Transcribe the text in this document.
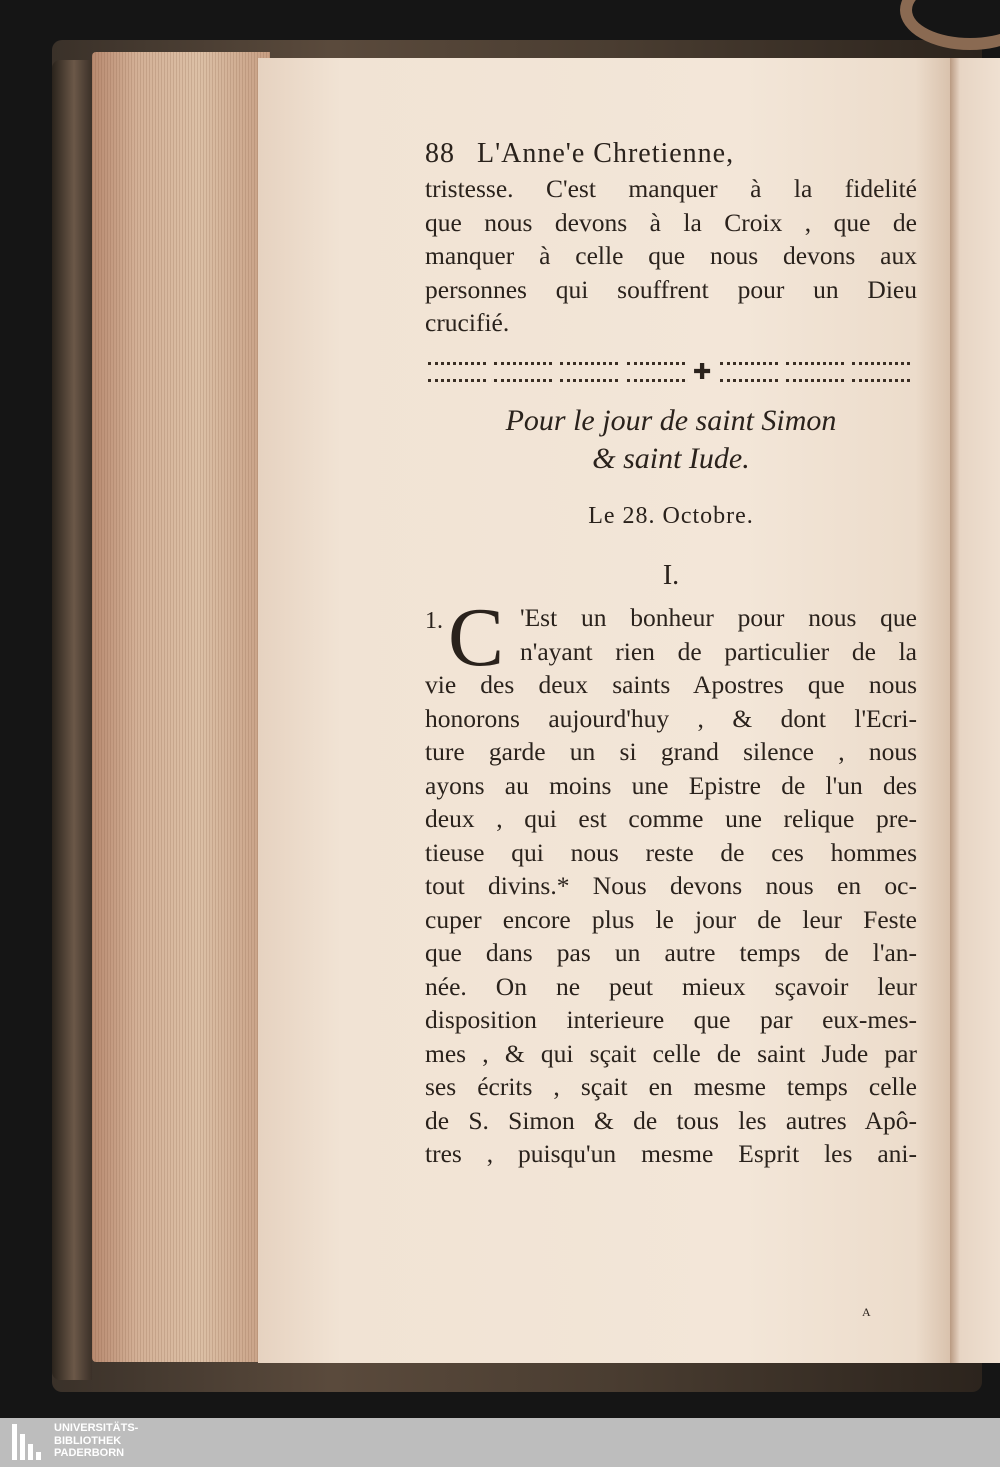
88 L'Anne'e Chretienne,
tristesse. C'est manquer à la fidelité
que nous devons à la Croix , que de
manquer à celle que nous devons aux
personnes qui souffrent pour un Dieu
crucifié.
✚
Pour le jour de saint Simon
& saint Iude.
Le 28. Octobre.
I.
1. C 'Est un bonheur pour nous que
n'ayant rien de particulier de la
vie des deux saints Apostres que nous
honorons aujourd'huy , & dont l'Ecri-
ture garde un si grand silence , nous
ayons au moins une Epistre de l'un des
deux , qui est comme une relique pre-
tieuse qui nous reste de ces hommes
tout divins.* Nous devons nous en oc-
cuper encore plus le jour de leur Feste
que dans pas un autre temps de l'an-
née. On ne peut mieux sçavoir leur
disposition interieure que par eux-mes-
mes , & qui sçait celle de saint Jude par
ses écrits , sçait en mesme temps celle
de S. Simon & de tous les autres Apô-
tres , puisqu'un mesme Esprit les ani-
A
UNIVERSITÄTS-
BIBLIOTHEK
PADERBORN
